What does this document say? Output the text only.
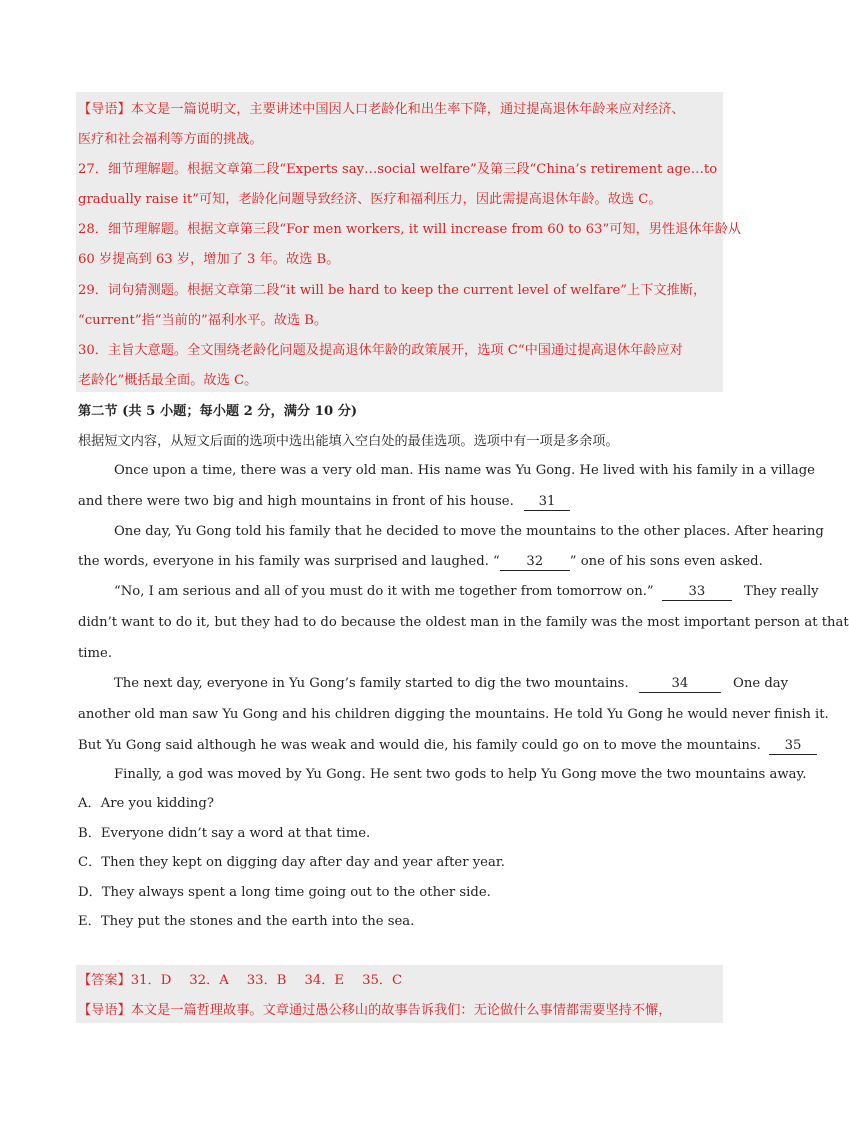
【导语】本文是一篇说明文，主要讲述中国因人口老龄化和出生率下降，通过提高退休年龄来应对经济、
医疗和社会福利等方面的挑战。
27．细节理解题。根据文章第二段“Experts say…social welfare”及第三段“China’s retirement age…to
gradually raise it”可知，老龄化问题导致经济、医疗和福利压力，因此需提高退休年龄。故选 C。
28．细节理解题。根据文章第三段“For men workers, it will increase from 60 to 63”可知，男性退休年龄从
60 岁提高到 63 岁，增加了 3 年。故选 B。
29．词句猜测题。根据文章第二段“it will be hard to keep the current level of welfare”上下文推断，
“current”指“当前的”福利水平。故选 B。
30．主旨大意题。全文围绕老龄化问题及提高退休年龄的政策展开，选项 C“中国通过提高退休年龄应对
老龄化”概括最全面。故选 C。
第二节 (共 5 小题；每小题 2 分，满分 10 分)
根据短文内容，从短文后面的选项中选出能填入空白处的最佳选项。选项中有一项是多余项。
Once upon a time, there was a very old man. His name was Yu Gong. He lived with his family in a village
and there were two big and high mountains in front of his house. 31
One day, Yu Gong told his family that he decided to move the mountains to the other places. After hearing
the words, everyone in his family was surprised and laughed. “ 32 ” one of his sons even asked.
“No, I am serious and all of you must do it with me together from tomorrow on.”	33	They really
didn’t want to do it, but they had to do because the oldest man in the family was the most important person at that
time.
The next day, everyone in Yu Gong’s family started to dig the two mountains.	34	One day
another old man saw Yu Gong and his children digging the mountains. He told Yu Gong he would never finish it.
But Yu Gong said although he was weak and would die, his family could go on to move the mountains. 35
Finally, a god was moved by Yu Gong. He sent two gods to help Yu Gong move the two mountains away.
A．Are you kidding?
B．Everyone didn’t say a word at that time.
C．Then they kept on digging day after day and year after year.
D．They always spent a long time going out to the other side.
E．They put the stones and the earth into the sea.
【答案】31．D 32．A 33．B 34．E 35．C
【导语】本文是一篇哲理故事。文章通过愚公移山的故事告诉我们：无论做什么事情都需要坚持不懈，
